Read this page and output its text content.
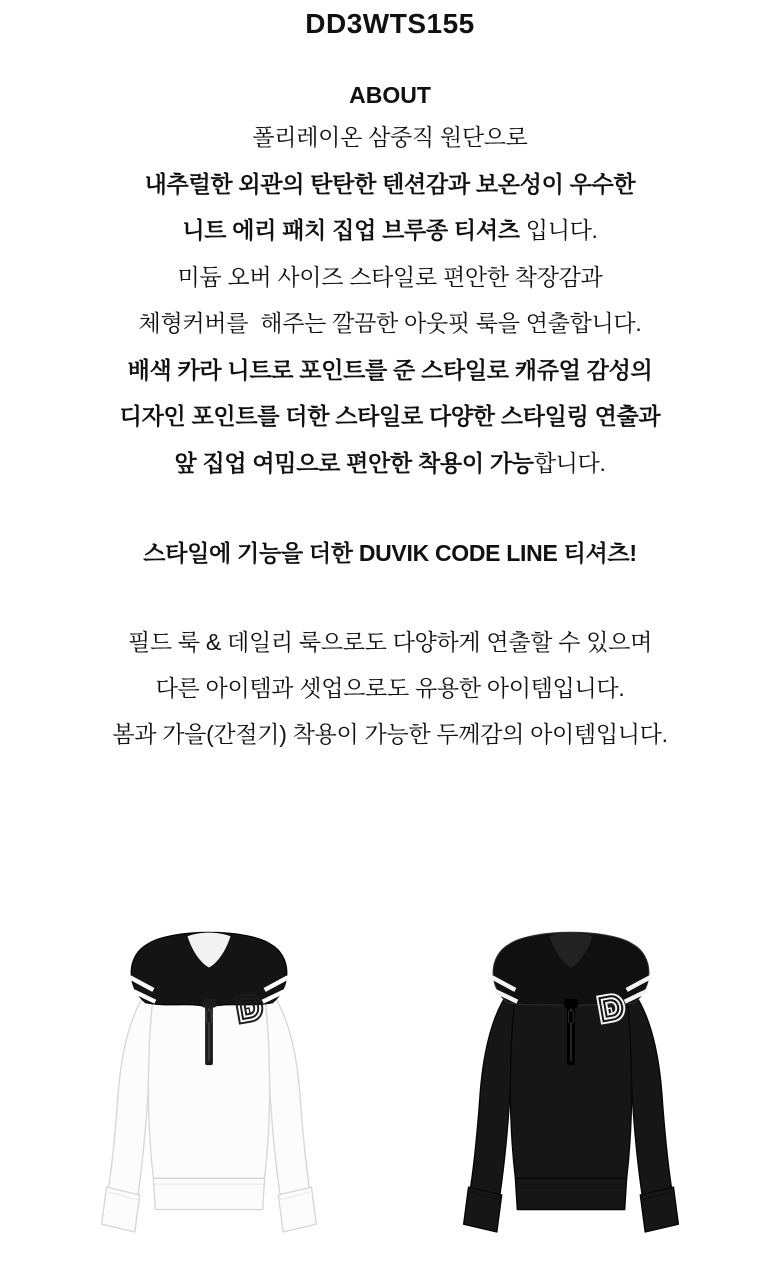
DD3WTS155
ABOUT

폴리레이온 삼중직 원단으로

내추럴한 외관의 탄탄한 텐션감과 보온성이 우수한

니트 에리 패치 집업 브루종 티셔츠 입니다.

미듐 오버 사이즈 스타일로 편안한 착장감과

체형커버를  해주는 깔끔한 아웃핏 룩을 연출합니다.

배색 카라 니트로 포인트를 준 스타일로 캐쥬얼 감성의

디자인 포인트를 더한 스타일로 다양한 스타일링 연출과

앞 집업 여밈으로 편안한 착용이 가능합니다.

스타일에 기능을 더한 DUVIK CODE LINE 티셔츠!

필드 룩 & 데일리 룩으로도 다양하게 연출할 수 있으며

다른 아이템과 셋업으로도 유용한 아이템입니다.

봄과 가을(간절기) 착용이 가능한 두께감의 아이템입니다.
